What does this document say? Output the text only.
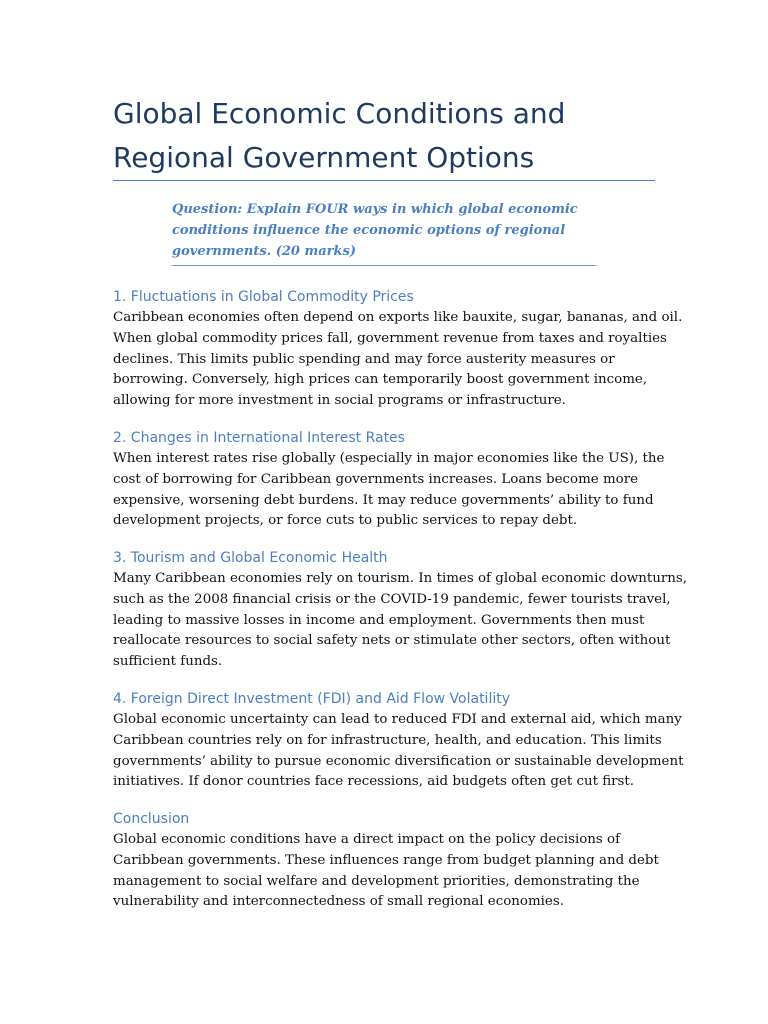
Global Economic Conditions and
Regional Government Options

Question: Explain FOUR ways in which global economic
conditions influence the economic options of regional
governments. (20 marks)

1. Fluctuations in Global Commodity Prices

Caribbean economies often depend on exports like bauxite, sugar, bananas, and oil.
When global commodity prices fall, government revenue from taxes and royalties
declines. This limits public spending and may force austerity measures or
borrowing. Conversely, high prices can temporarily boost government income,
allowing for more investment in social programs or infrastructure.

2. Changes in International Interest Rates

When interest rates rise globally (especially in major economies like the US), the
cost of borrowing for Caribbean governments increases. Loans become more
expensive, worsening debt burdens. It may reduce governments’ ability to fund
development projects, or force cuts to public services to repay debt.

3. Tourism and Global Economic Health

Many Caribbean economies rely on tourism. In times of global economic downturns,
such as the 2008 financial crisis or the COVID-19 pandemic, fewer tourists travel,
leading to massive losses in income and employment. Governments then must
reallocate resources to social safety nets or stimulate other sectors, often without
sufficient funds.

4. Foreign Direct Investment (FDI) and Aid Flow Volatility

Global economic uncertainty can lead to reduced FDI and external aid, which many
Caribbean countries rely on for infrastructure, health, and education. This limits
governments’ ability to pursue economic diversification or sustainable development
initiatives. If donor countries face recessions, aid budgets often get cut first.

Conclusion

Global economic conditions have a direct impact on the policy decisions of
Caribbean governments. These influences range from budget planning and debt
management to social welfare and development priorities, demonstrating the
vulnerability and interconnectedness of small regional economies.
